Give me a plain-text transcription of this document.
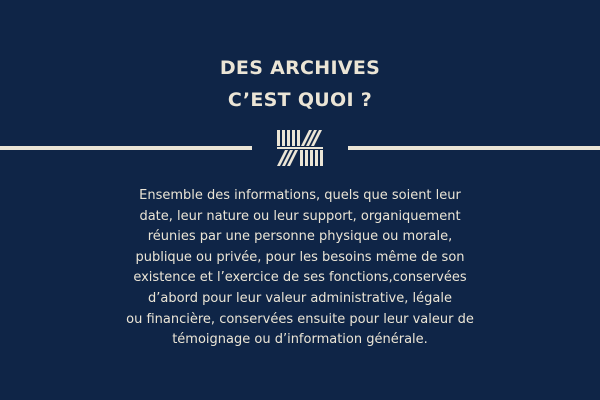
DES ARCHIVES
C’EST QUOI ?

Ensemble des informations, quels que soient leur
date, leur nature ou leur support, organiquement
réunies par une personne physique ou morale,
publique ou privée, pour les besoins même de son
existence et l’exercice de ses fonctions,conservées
d’abord pour leur valeur administrative, légale
ou financière, conservées ensuite pour leur valeur de
témoignage ou d’information générale.
